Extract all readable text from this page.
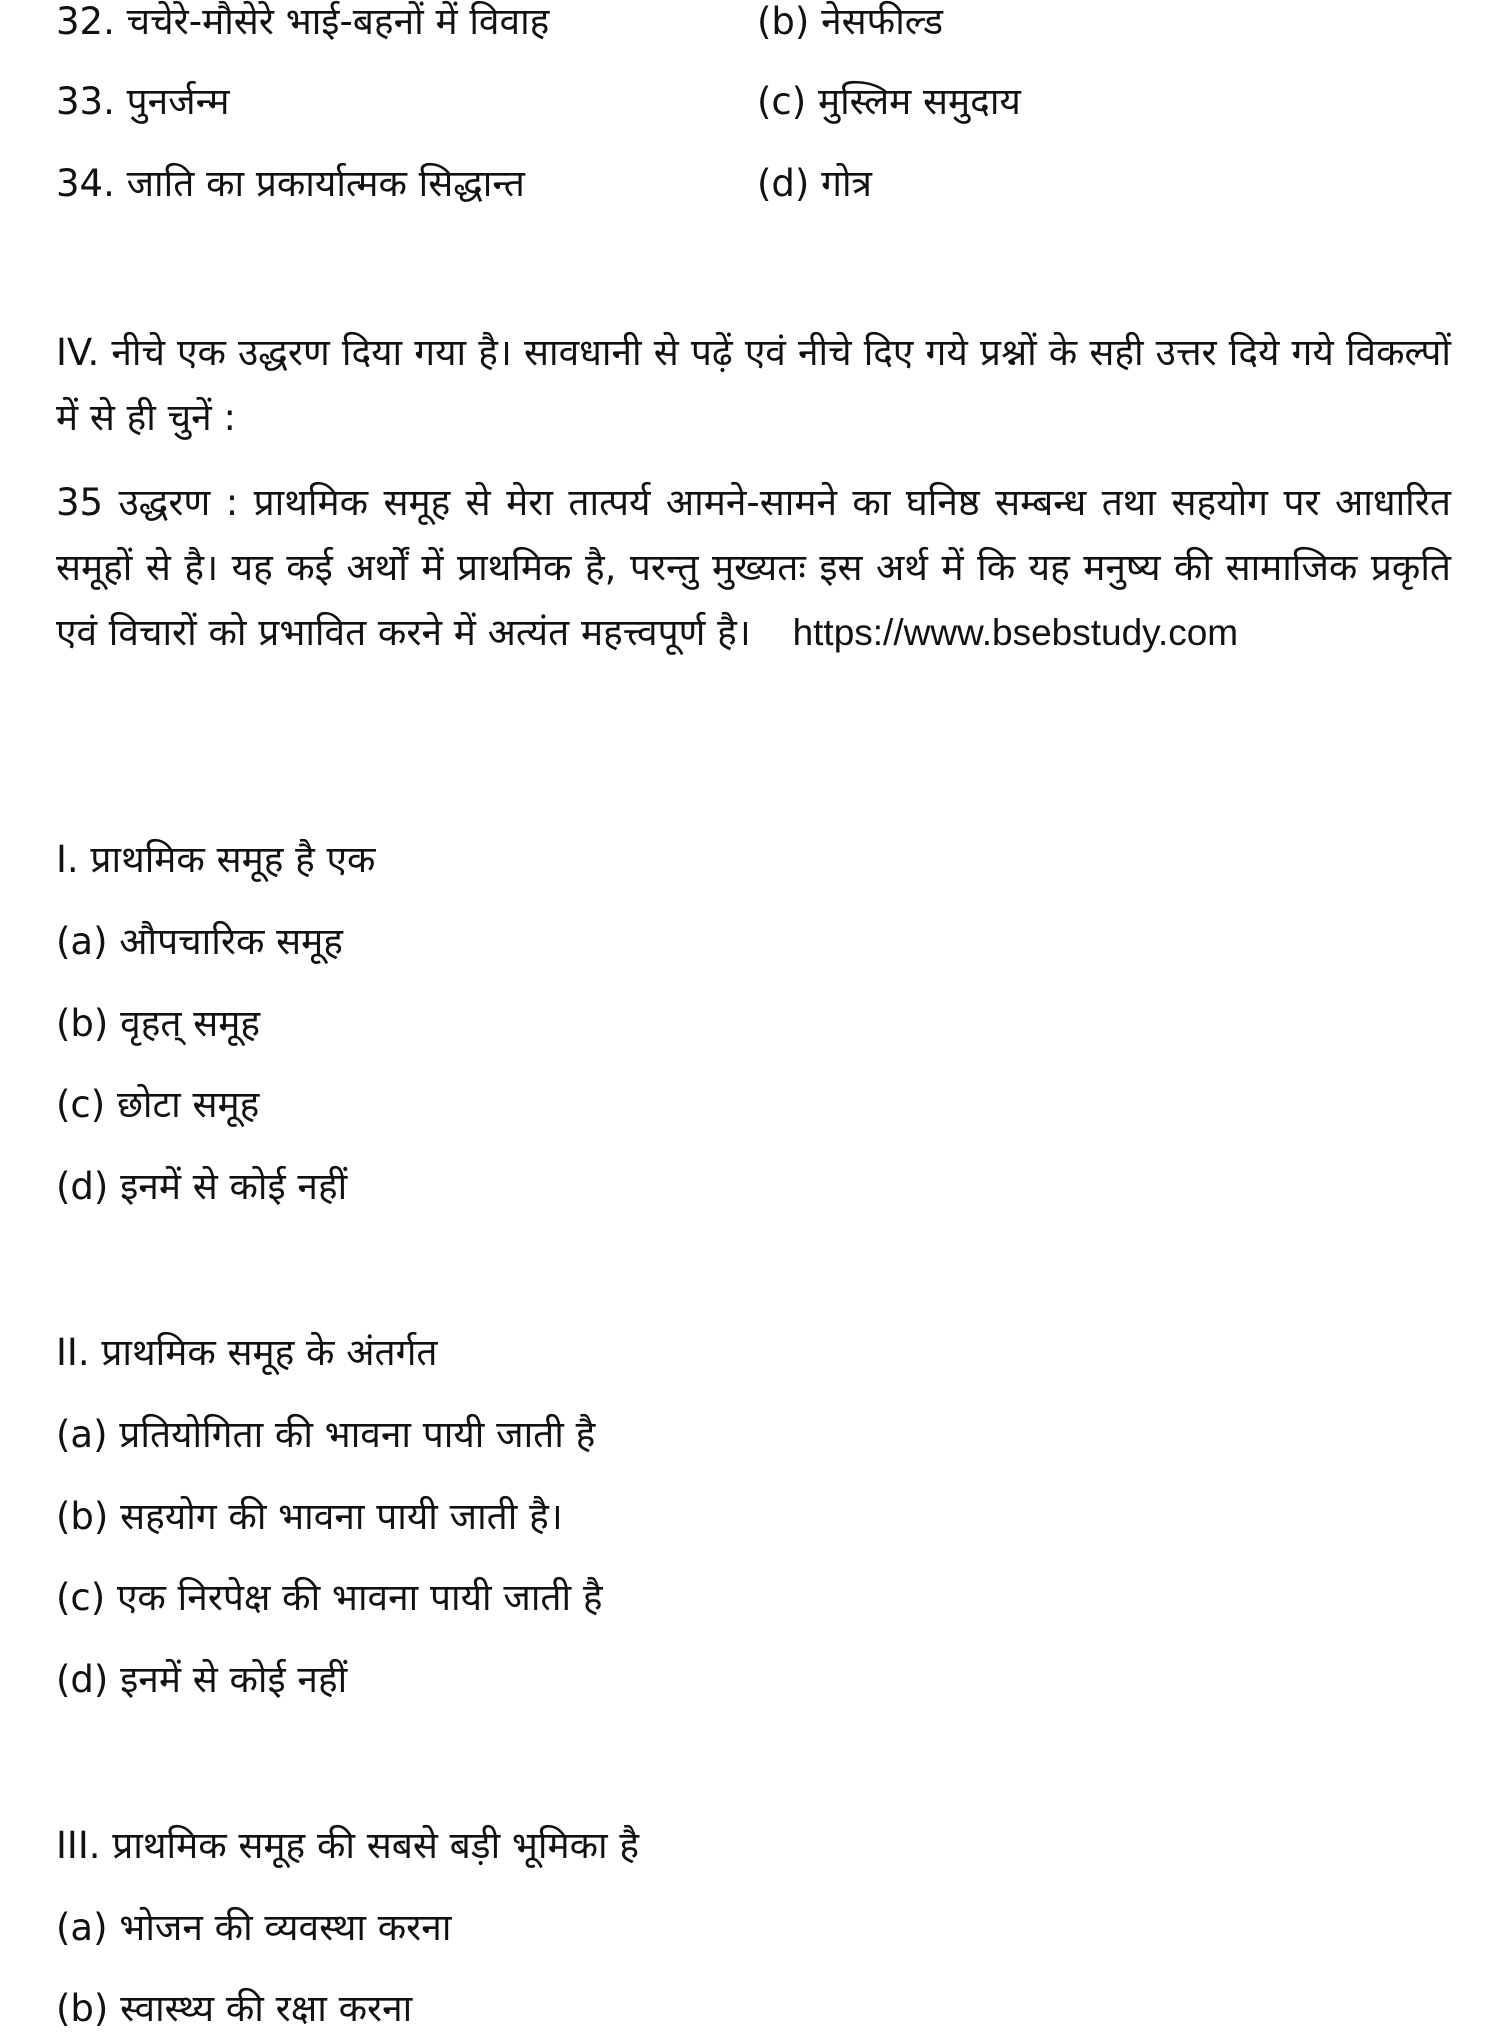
32. चचेरे-मौसेरे भाई-बहनों में विवाह	(b) नेसफील्ड
33. पुनर्जन्म	(c) मुस्लिम समुदाय
34. जाति का प्रकार्यात्मक सिद्धान्त	(d) गोत्र
IV. नीचे एक उद्धरण दिया गया है। सावधानी से पढ़ें एवं नीचे दिए गये प्रश्नों के सही उत्तर दिये गये विकल्पों में से ही चुनें :
35 उद्धरण : प्राथमिक समूह से मेरा तात्पर्य आमने-सामने का घनिष्ठ सम्बन्ध तथा सहयोग पर आधारित समूहों से है। यह कई अर्थों में प्राथमिक है, परन्तु मुख्यतः इस अर्थ में कि यह मनुष्य की सामाजिक प्रकृति एवं विचारों को प्रभावित करने में अत्यंत महत्त्वपूर्ण है। https://www.bsebstudy.com
I. प्राथमिक समूह है एक
(a) औपचारिक समूह
(b) वृहत् समूह
(c) छोटा समूह
(d) इनमें से कोई नहीं
II. प्राथमिक समूह के अंतर्गत
(a) प्रतियोगिता की भावना पायी जाती है
(b) सहयोग की भावना पायी जाती है।
(c) एक निरपेक्ष की भावना पायी जाती है
(d) इनमें से कोई नहीं
III. प्राथमिक समूह की सबसे बड़ी भूमिका है
(a) भोजन की व्यवस्था करना
(b) स्वास्थ्य की रक्षा करना
